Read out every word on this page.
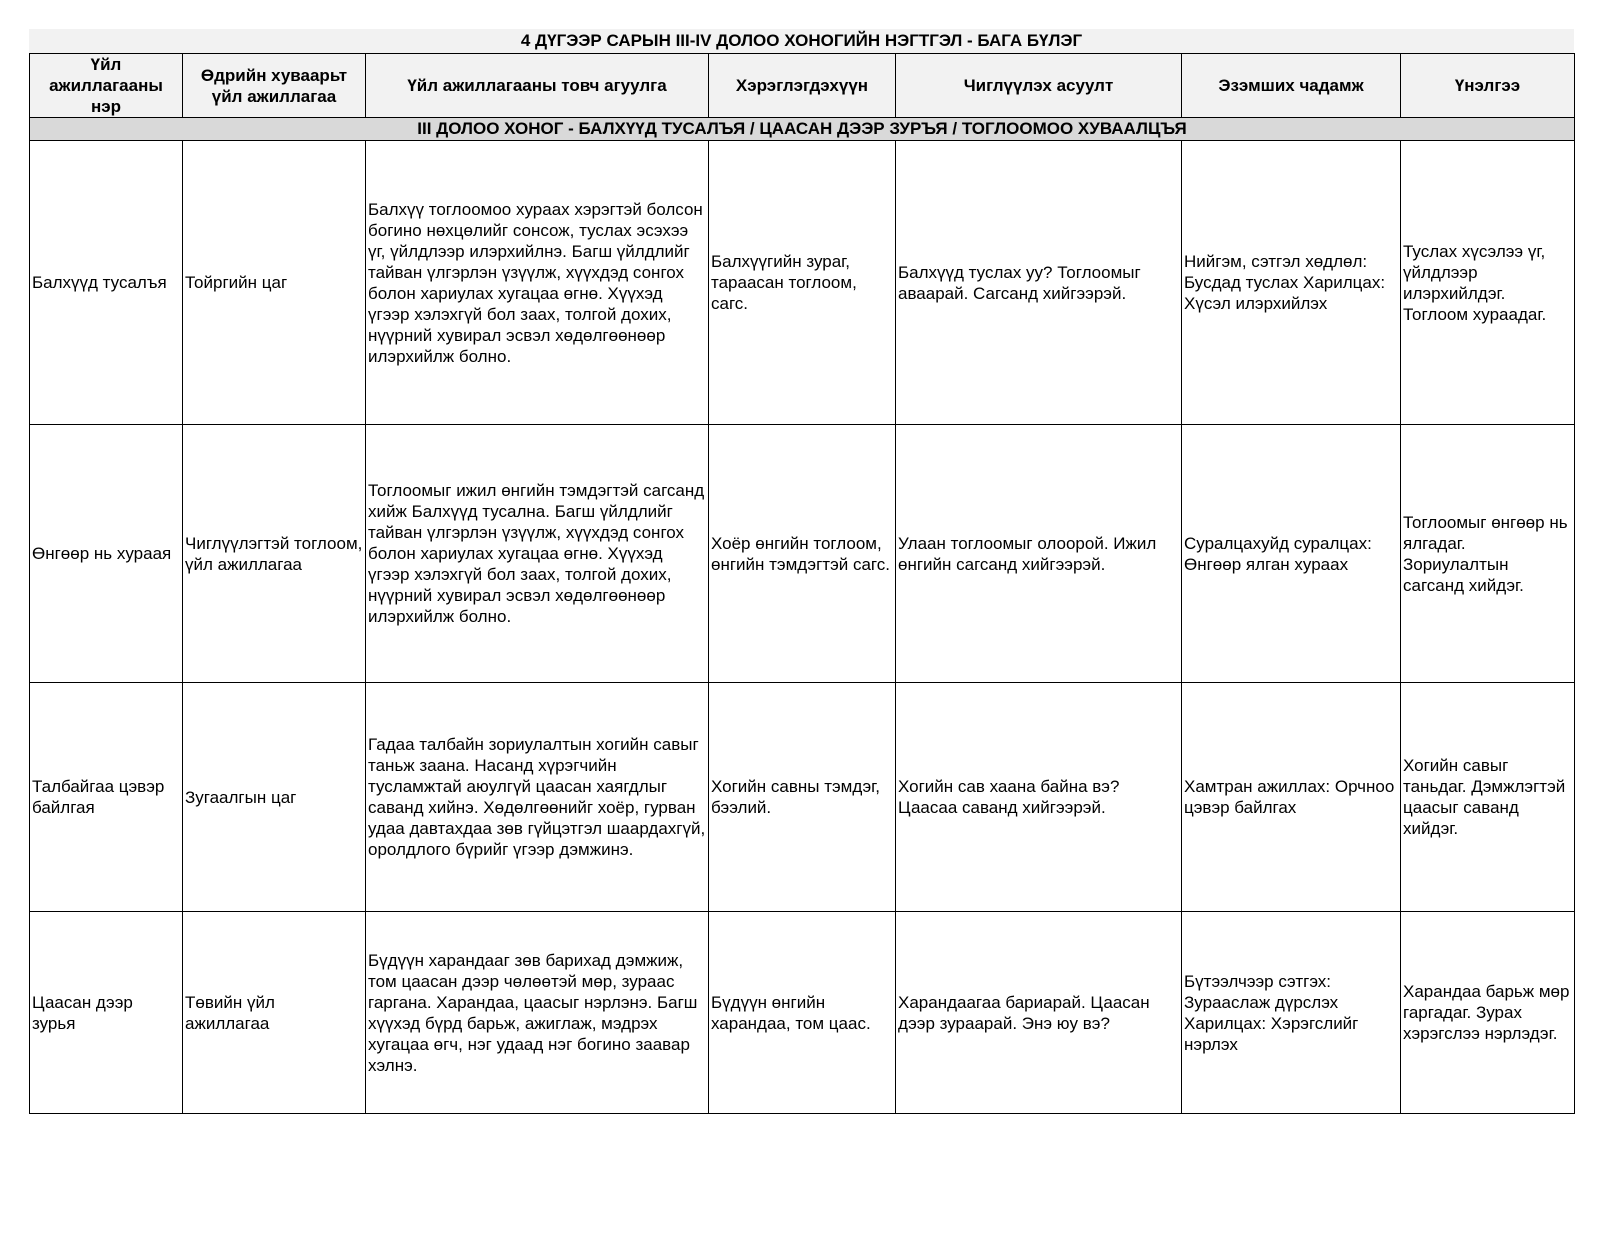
4 ДҮГЭЭР САРЫН III-IV ДОЛОО ХОНОГИЙН НЭГТГЭЛ - БАГА БҮЛЭГ
Үйл ажиллагааны нэр	Өдрийн хуваарьт үйл ажиллагаа	Үйл ажиллагааны товч агуулга	Хэрэглэгдэхүүн	Чиглүүлэх асуулт	Эзэмших чадамж	Үнэлгээ
III ДОЛОО ХОНОГ - БАЛХҮҮД ТУСАЛЪЯ / ЦААСАН ДЭЭР ЗУРЪЯ / ТОГЛООМОО ХУВААЛЦЪЯ						
Балхүүд тусалъя	Тойргийн цаг	Балхүү тоглоомоо хураах хэрэгтэй болсон богино нөхцөлийг сонсож, туслах эсэхээ үг, үйлдлээр илэрхийлнэ. Багш үйлдлийг тайван үлгэрлэн үзүүлж, хүүхдэд сонгох болон хариулах хугацаа өгнө. Хүүхэд үгээр хэлэхгүй бол заах, толгой дохих, нүүрний хувирал эсвэл хөдөлгөөнөөр илэрхийлж болно.	Балхүүгийн зураг, тараасан тоглоом, сагс.	Балхүүд туслах уу? Тоглоомыг аваарай. Сагсанд хийгээрэй.	Нийгэм, сэтгэл хөдлөл: Бусдад туслах Харилцах: Хүсэл илэрхийлэх	Туслах хүсэлээ үг, үйлдлээр илэрхийлдэг. Тоглоом хураадаг.
Өнгөөр нь хураая	Чиглүүлэгтэй тоглоом, үйл ажиллагаа	Тоглоомыг ижил өнгийн тэмдэгтэй сагсанд хийж Балхүүд тусална. Багш үйлдлийг тайван үлгэрлэн үзүүлж, хүүхдэд сонгох болон хариулах хугацаа өгнө. Хүүхэд үгээр хэлэхгүй бол заах, толгой дохих, нүүрний хувирал эсвэл хөдөлгөөнөөр илэрхийлж болно.	Хоёр өнгийн тоглоом, өнгийн тэмдэгтэй сагс.	Улаан тоглоомыг олоорой. Ижил өнгийн сагсанд хийгээрэй.	Суралцахуйд суралцах: Өнгөөр ялган хураах	Тоглоомыг өнгөөр нь ялгадаг. Зориулалтын сагсанд хийдэг.
Талбайгаа цэвэр байлгая	Зугаалгын цаг	Гадаа талбайн зориулалтын хогийн савыг таньж заана. Насанд хүрэгчийн тусламжтай аюулгүй цаасан хаягдлыг саванд хийнэ. Хөдөлгөөнийг хоёр, гурван удаа давтахдаа зөв гүйцэтгэл шаардахгүй, оролдлого бүрийг үгээр дэмжинэ.	Хогийн савны тэмдэг, бээлий.	Хогийн сав хаана байна вэ? Цаасаа саванд хийгээрэй.	Хамтран ажиллах: Орчноо цэвэр байлгах	Хогийн савыг таньдаг. Дэмжлэгтэй цаасыг саванд хийдэг.
Цаасан дээр зурья	Төвийн үйл ажиллагаа	Бүдүүн харандааг зөв барихад дэмжиж, том цаасан дээр чөлөөтэй мөр, зураас гаргана. Харандаа, цаасыг нэрлэнэ. Багш хүүхэд бүрд барьж, ажиглаж, мэдрэх хугацаа өгч, нэг удаад нэг богино заавар хэлнэ.	Бүдүүн өнгийн харандаа, том цаас.	Харандаагаа бариарай. Цаасан дээр зураарай. Энэ юу вэ?	Бүтээлчээр сэтгэх: Зураaслаж дүрслэх Харилцах: Хэрэгслийг нэрлэх	Харандаа барьж мөр гаргадаг. Зурах хэрэгслээ нэрлэдэг.
